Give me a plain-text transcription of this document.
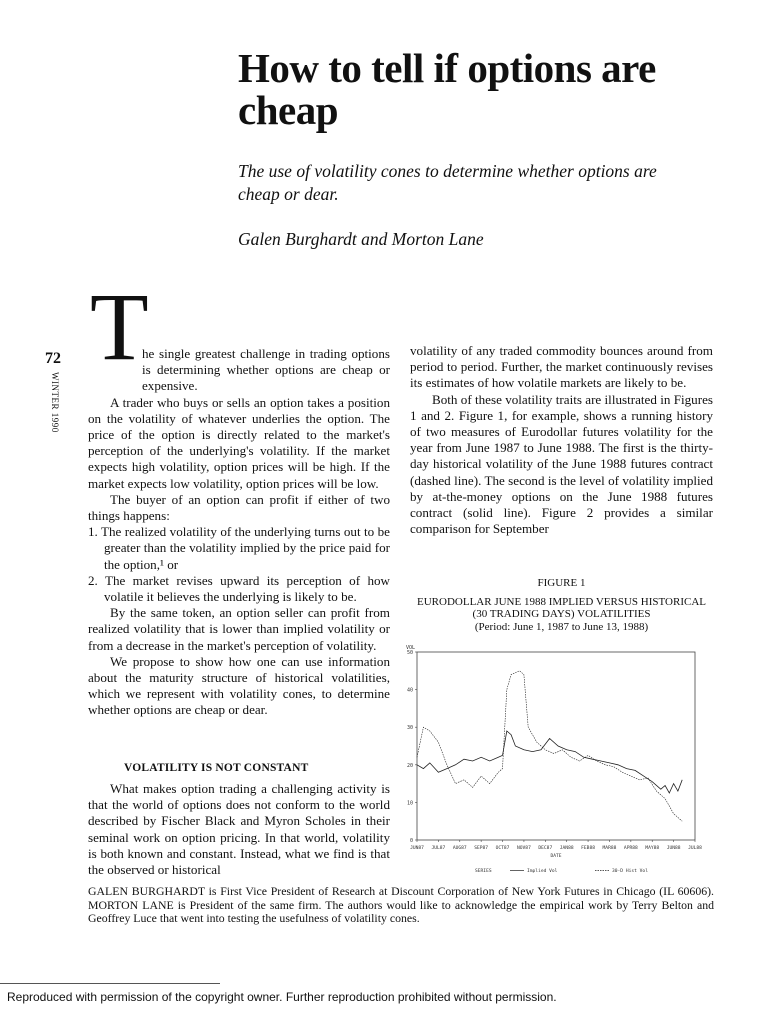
How to tell if options are cheap
The use of volatility cones to determine whether options are cheap or dear.
Galen Burghardt and Morton Lane
72
WINTER 1990
T

he single greatest challenge in trading options is determining whether options are cheap or expensive.

A trader who buys or sells an option takes a position on the volatility of whatever underlies the option. The price of the option is directly related to the market's perception of the underlying's volatility. If the market expects high volatility, option prices will be high. If the market expects low volatility, option prices will be low.

The buyer of an option can profit if either of two things happens:

1. The realized volatility of the underlying turns out to be greater than the volatility implied by the price paid for the option,¹ or

2. The market revises upward its perception of how volatile it believes the underlying is likely to be.

By the same token, an option seller can profit from realized volatility that is lower than implied volatility or from a decrease in the market's perception of volatility.

We propose to show how one can use information about the maturity structure of historical volatilities, which we represent with volatility cones, to determine whether options are cheap or dear.

VOLATILITY IS NOT CONSTANT

What makes option trading a challenging activity is that the world of options does not conform to the world described by Fischer Black and Myron Scholes in their seminal work on option pricing. In that world, volatility is both known and constant. Instead, what we find is that the observed or historical

volatility of any traded commodity bounces around from period to period. Further, the market continuously revises its estimates of how volatile markets are likely to be.

Both of these volatility traits are illustrated in Figures 1 and 2. Figure 1, for example, shows a running history of two measures of Eurodollar futures volatility for the year from June 1987 to June 1988. The first is the thirty-day historical volatility of the June 1988 futures contract (dashed line). The second is the level of volatility implied by at-the-money options on the June 1988 futures contract (solid line). Figure 2 provides a similar comparison for September

FIGURE 1
EURODOLLAR JUNE 1988 IMPLIED VERSUS HISTORICAL (30 TRADING DAYS) VOLATILITIES
(Period: June 1, 1987 to June 13, 1988)
VOL
0
10
20
30
40
50
JUN87 JUL87 AUG87 SEP87 OCT87 NOV87 DEC87 JAN88 FEB88 MAR88 APR88 MAY88 JUN88 JUL88
DATE
SERIES	Implied Vol	30-D Hist Vol
GALEN BURGHARDT is First Vice President of Research at Discount Corporation of New York Futures in Chicago (IL 60606). MORTON LANE is President of the same firm. The authors would like to acknowledge the empirical work by Terry Belton and Geoffrey Luce that went into testing the usefulness of volatility cones.
Reproduced with permission of the copyright owner. Further reproduction prohibited without permission.
